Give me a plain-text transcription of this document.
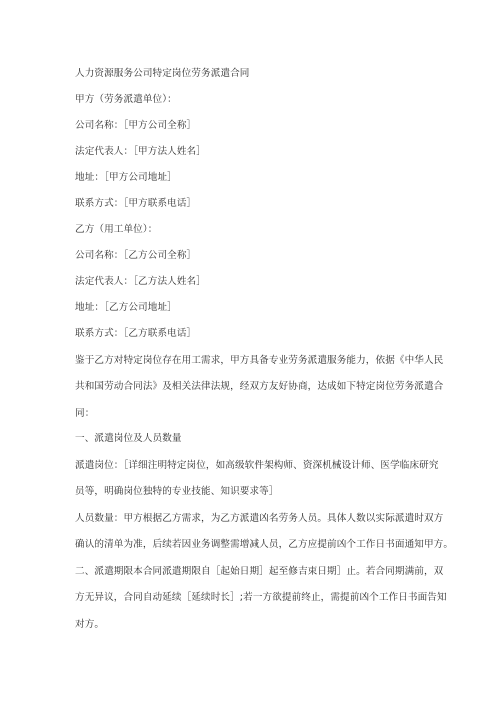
人力资源服务公司特定岗位劳务派遣合同
甲方（劳务派遣单位）：
公司名称：［甲方公司全称］
法定代表人：［甲方法人姓名］
地址：［甲方公司地址］
联系方式：［甲方联系电话］
乙方（用工单位）：
公司名称：［乙方公司全称］
法定代表人：［乙方法人姓名］
地址：［乙方公司地址］
联系方式：［乙方联系电话］
鉴于乙方对特定岗位存在用工需求，甲方具备专业劳务派遣服务能力，依据《中华人民
共和国劳动合同法》及相关法律法规，经双方友好协商，达成如下特定岗位劳务派遣合
同：
一、派遣岗位及人员数量
派遣岗位：［详细注明特定岗位，如高级软件架构师、资深机械设计师、医学临床研究
员等，明确岗位独特的专业技能、知识要求等］
人员数量：甲方根据乙方需求，为乙方派遣凶名劳务人员。具体人数以实际派遣时双方
确认的清单为准，后续若因业务调整需增减人员，乙方应提前凶个工作日书面通知甲方。
二、派遣期限本合同派遣期限自［起始日期］起至修吉束日期］止。若合同期满前，双
方无异议，合同自动延续［延续时长］;若一方欲提前终止，需提前凶个工作日书面告知
对方。
